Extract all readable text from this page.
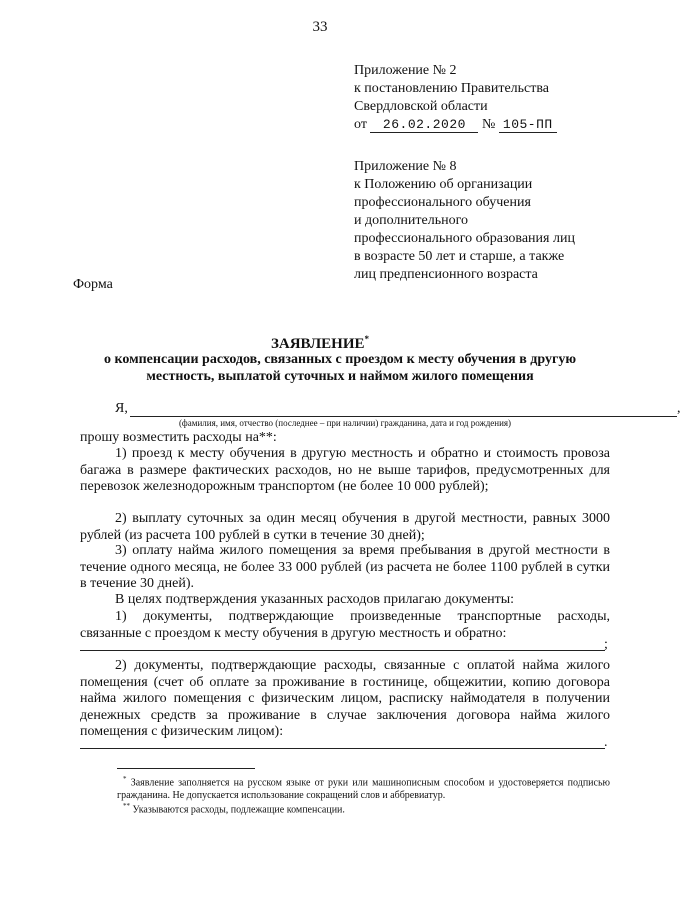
33
Приложение № 2
к постановлению Правительства
Свердловской области
от 26.02.2020 № 105-ПП
Приложение № 8
к Положению об организации
профессионального обучения
и дополнительного
профессионального образования лиц
в возрасте 50 лет и старше, а также
лиц предпенсионного возраста
Форма
ЗАЯВЛЕНИЕ*
о компенсации расходов, связанных с проездом к месту обучения в другую местность, выплатой суточных и наймом жилого помещения
Я,	,
(фамилия, имя, отчество (последнее – при наличии) гражданина, дата и год рождения)
прошу возместить расходы на**:
1) проезд к месту обучения в другую местность и обратно и стоимость провоза багажа в размере фактических расходов, но не выше тарифов, предусмотренных для перевозок железнодорожным транспортом (не более 10 000 рублей);
2) выплату суточных за один месяц обучения в другой местности, равных 3000 рублей (из расчета 100 рублей в сутки в течение 30 дней);
3) оплату найма жилого помещения за время пребывания в другой местности в течение одного месяца, не более 33 000 рублей (из расчета не более 1100 рублей в сутки в течение 30 дней).
В целях подтверждения указанных расходов прилагаю документы:
1) документы, подтверждающие произведенные транспортные расходы, связанные с проездом к месту обучения в другую местность и обратно:
;
2) документы, подтверждающие расходы, связанные с оплатой найма жилого помещения (счет об оплате за проживание в гостинице, общежитии, копию договора найма жилого помещения с физическим лицом, расписку наймодателя в получении денежных средств за проживание в случае заключения договора найма жилого помещения с физическим лицом):
.
* Заявление заполняется на русском языке от руки или машинописным способом и удостоверяется подписью гражданина. Не допускается использование сокращений слов и аббревиатур.
** Указываются расходы, подлежащие компенсации.
